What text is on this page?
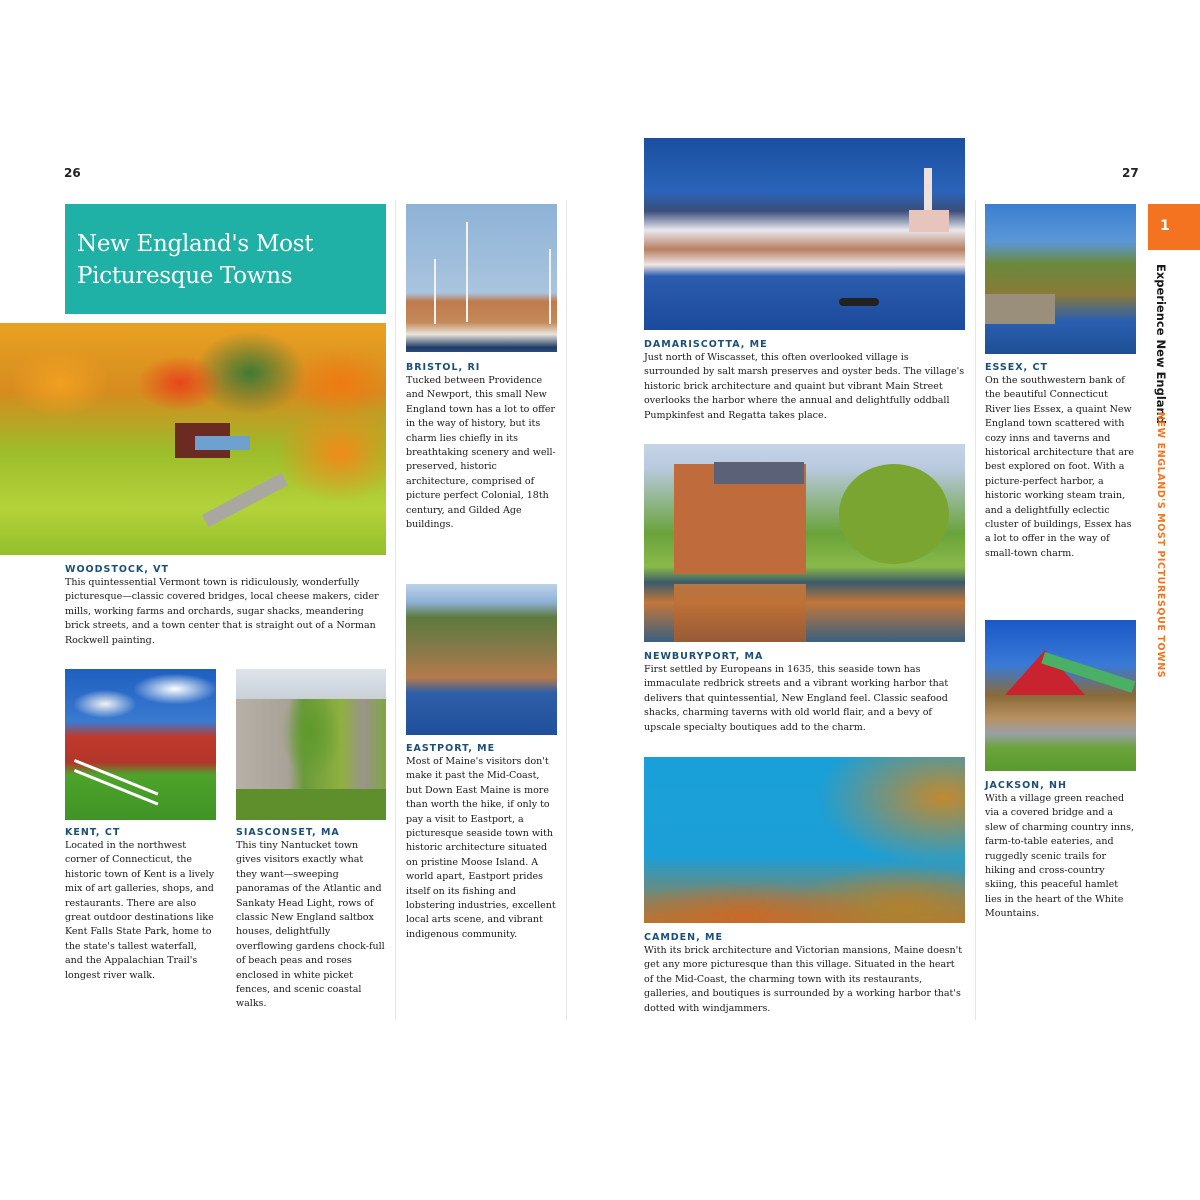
26
New England's Most Picturesque Towns
WOODSTOCK, VT
This quintessential Vermont town is ridiculously, wonderfully picturesque—classic covered bridges, local cheese makers, cider mills, working farms and orchards, sugar shacks, meandering brick streets, and a town center that is straight out of a Norman Rockwell painting.
BRISTOL, RI
Tucked between Providence and Newport, this small New England town has a lot to offer in the way of history, but its charm lies chiefly in its breathtaking scenery and well-preserved, historic architecture, comprised of picture perfect Colonial, 18th century, and Gilded Age buildings.
EASTPORT, ME
Most of Maine's visitors don't make it past the Mid-Coast, but Down East Maine is more than worth the hike, if only to pay a visit to Eastport, a picturesque seaside town with historic architecture situated on pristine Moose Island. A world apart, Eastport prides itself on its fishing and lobstering industries, excellent local arts scene, and vibrant indigenous community.
KENT, CT
Located in the northwest corner of Connecticut, the historic town of Kent is a lively mix of art galleries, shops, and restaurants. There are also great outdoor destinations like Kent Falls State Park, home to the state's tallest waterfall, and the Appalachian Trail's longest river walk.
SIASCONSET, MA
This tiny Nantucket town gives visitors exactly what they want—sweeping panoramas of the Atlantic and Sankaty Head Light, rows of classic New England saltbox houses, delightfully overflowing gardens chock-full of beach peas and roses enclosed in white picket fences, and scenic coastal walks.
27
DAMARISCOTTA, ME
Just north of Wiscasset, this often overlooked village is surrounded by salt marsh preserves and oyster beds. The village's historic brick architecture and quaint but vibrant Main Street overlooks the harbor where the annual and delightfully oddball Pumpkinfest and Regatta takes place.
NEWBURYPORT, MA
First settled by Europeans in 1635, this seaside town has immaculate redbrick streets and a vibrant working harbor that delivers that quintessential, New England feel. Classic seafood shacks, charming taverns with old world flair, and a bevy of upscale specialty boutiques add to the charm.
CAMDEN, ME
With its brick architecture and Victorian mansions, Maine doesn't get any more picturesque than this village. Situated in the heart of the Mid-Coast, the charming town with its restaurants, galleries, and boutiques is surrounded by a working harbor that's dotted with windjammers.
ESSEX, CT
On the southwestern bank of the beautiful Connecticut River lies Essex, a quaint New England town scattered with cozy inns and taverns and historical architecture that are best explored on foot. With a picture-perfect harbor, a historic working steam train, and a delightfully eclectic cluster of buildings, Essex has a lot to offer in the way of small-town charm.
JACKSON, NH
With a village green reached via a covered bridge and a slew of charming country inns, farm-to-table eateries, and ruggedly scenic trails for hiking and cross-country skiing, this peaceful hamlet lies in the heart of the White Mountains.
1
Experience New England
NEW ENGLAND'S MOST PICTURESQUE TOWNS
